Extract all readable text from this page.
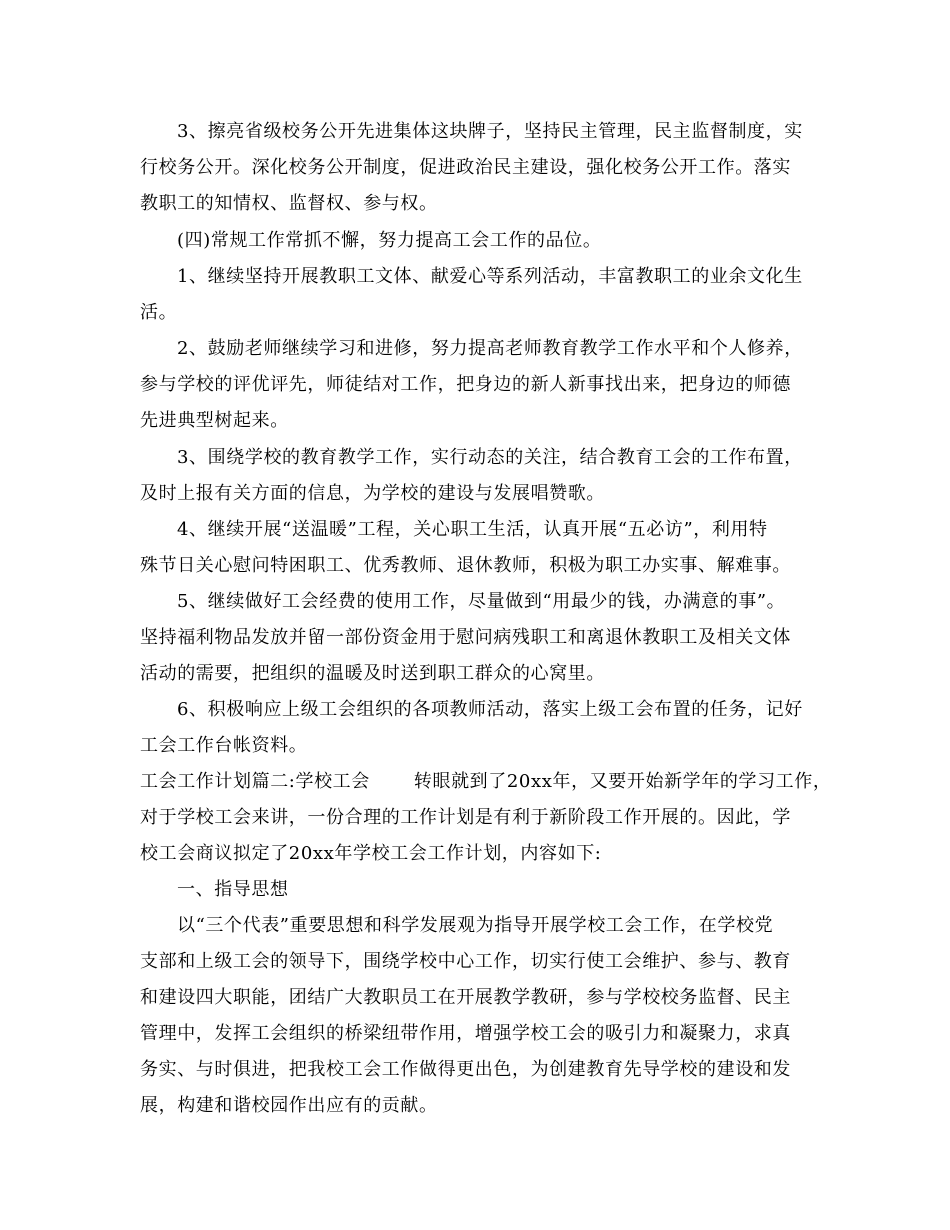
3、擦亮省级校务公开先进集体这块牌子，坚持民主管理，民主监督制度，实
行校务公开。深化校务公开制度，促进政治民主建设，强化校务公开工作。落实
教职工的知情权、监督权、参与权。
(四)常规工作常抓不懈，努力提高工会工作的品位。
1、继续坚持开展教职工文体、献爱心等系列活动，丰富教职工的业余文化生
活。
2、鼓励老师继续学习和进修，努力提高老师教育教学工作水平和个人修养，
参与学校的评优评先，师徒结对工作，把身边的新人新事找出来，把身边的师德
先进典型树起来。
3、围绕学校的教育教学工作，实行动态的关注，结合教育工会的工作布置，
及时上报有关方面的信息，为学校的建设与发展唱赞歌。
4、继续开展“送温暖”工程，关心职工生活，认真开展“五必访”，利用特
殊节日关心慰问特困职工、优秀教师、退休教师，积极为职工办实事、解难事。
5、继续做好工会经费的使用工作，尽量做到“用最少的钱，办满意的事”。
坚持福利物品发放并留一部份资金用于慰问病残职工和离退休教职工及相关文体
活动的需要，把组织的温暖及时送到职工群众的心窝里。
6、积极响应上级工会组织的各项教师活动，落实上级工会布置的任务，记好
工会工作台帐资料。
工会工作计划篇二:学校工会 转眼就到了20xx年，又要开始新学年的学习工作，
对于学校工会来讲，一份合理的工作计划是有利于新阶段工作开展的。因此，学
校工会商议拟定了20xx年学校工会工作计划，内容如下:
一、指导思想
以“三个代表”重要思想和科学发展观为指导开展学校工会工作，在学校党
支部和上级工会的领导下，围绕学校中心工作，切实行使工会维护、参与、教育
和建设四大职能，团结广大教职员工在开展教学教研，参与学校校务监督、民主
管理中，发挥工会组织的桥梁纽带作用，增强学校工会的吸引力和凝聚力，求真
务实、与时俱进，把我校工会工作做得更出色，为创建教育先导学校的建设和发
展，构建和谐校园作出应有的贡献。
